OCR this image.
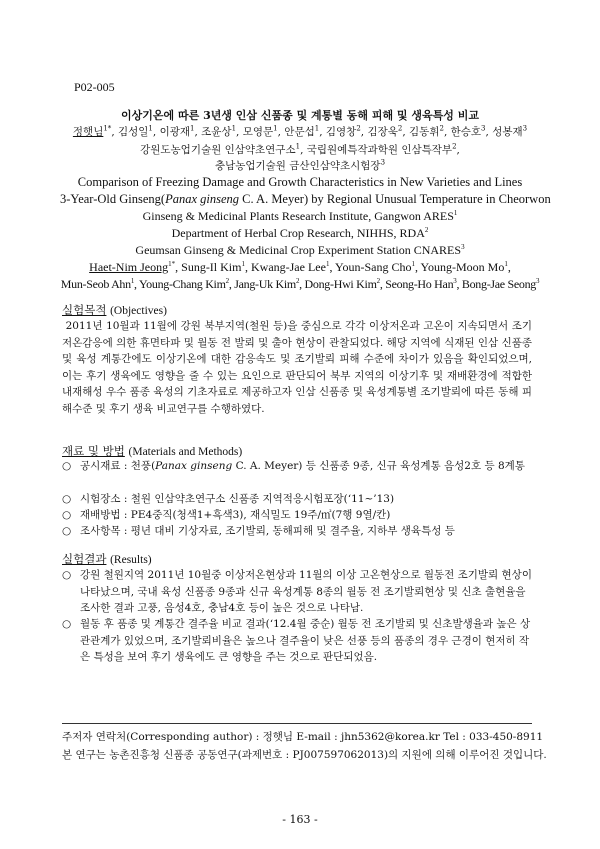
P02-005
이상기온에 따른 3년생 인삼 신품종 및 계통별 동해 피해 및 생육특성 비교
정햇님$^{1*}$, 김성일$^1$, 이광재$^1$, 조윤상$^1$, 모영문$^1$, 안문섭$^1$, 김영창$^2$, 김장욱$^2$, 김동휘$^2$, 한승호$^3$, 성봉재$^3$
강원도농업기술원 인삼약초연구소$^1$, 국립원예특작과학원 인삼특작부$^2$,
충남농업기술원 금산인삼약초시험장$^3$
Comparison of Freezing Damage and Growth Characteristics in New Varieties and Lines
3-Year-Old Ginseng(Panax ginseng C. A. Meyer) by Regional Unusual Temperature in Cheorwon
Ginseng & Medicinal Plants Research Institute, Gangwon ARES$^1$
Department of Herbal Crop Research, NIHHS, RDA$^2$
Geumsan Ginseng & Medicinal Crop Experiment Station CNARES$^3$
Haet-Nim Jeong$^{1*}$, Sung-Il Kim$^1$, Kwang-Jae Lee$^1$, Youn-Sang Cho$^1$, Young-Moon Mo$^1$,
Mun-Seob Ahn$^1$, Young-Chang Kim$^2$, Jang-Uk Kim$^2$, Dong-Hwi Kim$^2$, Seong-Ho Han$^3$, Bong-Jae Seong$^3$
실험목적 (Objectives)
2011년 10월과 11월에 강원 북부지역(철원 등)을 중심으로 각각 이상저온과 고온이 지속되면서 조기 저온감응에 의한 휴면타파 및 월동 전 발뢰 및 출아 현상이 관찰되었다. 해당 지역에 식재된 인삼 신품종 및 육성 계통간에도 이상기온에 대한 감응속도 및 조기발뢰 피해 수준에 차이가 있음을 확인되었으며, 이는 후기 생육에도 영향을 줄 수 있는 요인으로 판단되어 북부 지역의 이상기후 및 재배환경에 적합한 내재해성 우수 품종 육성의 기초자료로 제공하고자 인삼 신품종 및 육성계통별 조기발뢰에 따른 동해 피해수준 및 후기 생육 비교연구를 수행하였다.
재료 및 방법 (Materials and Methods)
○ 공시재료 : 천풍(Panax ginseng C. A. Meyer) 등 신품종 9종, 신규 육성계통 음성2호 등 8계통
○ 시험장소 : 철원 인삼약초연구소 신품종 지역적응시험포장(‘11~’13)
○ 재배방법 : PE4중직(청색1+흑색3), 재식밀도 19주/㎡(7행 9열/칸)
○ 조사항목 : 평년 대비 기상자료, 조기발뢰, 동해피해 및 결주율, 지하부 생육특성 등
실험결과 (Results)
○ 강원 철원지역 2011년 10월중 이상저온현상과 11월의 이상 고온현상으로 월동전 조기발뢰 현상이 나타났으며, 국내 육성 신품종 9종과 신규 육성계통 8종의 월동 전 조기발뢰현상 및 신초 출현율을 조사한 결과 고풍, 음성4호, 충남4호 등이 높은 것으로 나타남.
○ 월동 후 품종 및 계통간 결주율 비교 결과(‘12.4월 중순) 월동 전 조기발뢰 및 신초발생율과 높은 상관관계가 있었으며, 조기발뢰비율은 높으나 결주율이 낮은 선풍 등의 품종의 경우 근경이 현저히 작은 특성을 보여 후기 생육에도 큰 영향을 주는 것으로 판단되었음.
주저자 연락처(Corresponding author) : 정햇님 E-mail : jhn5362@korea.kr Tel : 033-450-8911
본 연구는 농촌진흥청 신품종 공동연구(과제번호 : PJ007597062013)의 지원에 의해 이루어진 것입니다.
- 163 -
